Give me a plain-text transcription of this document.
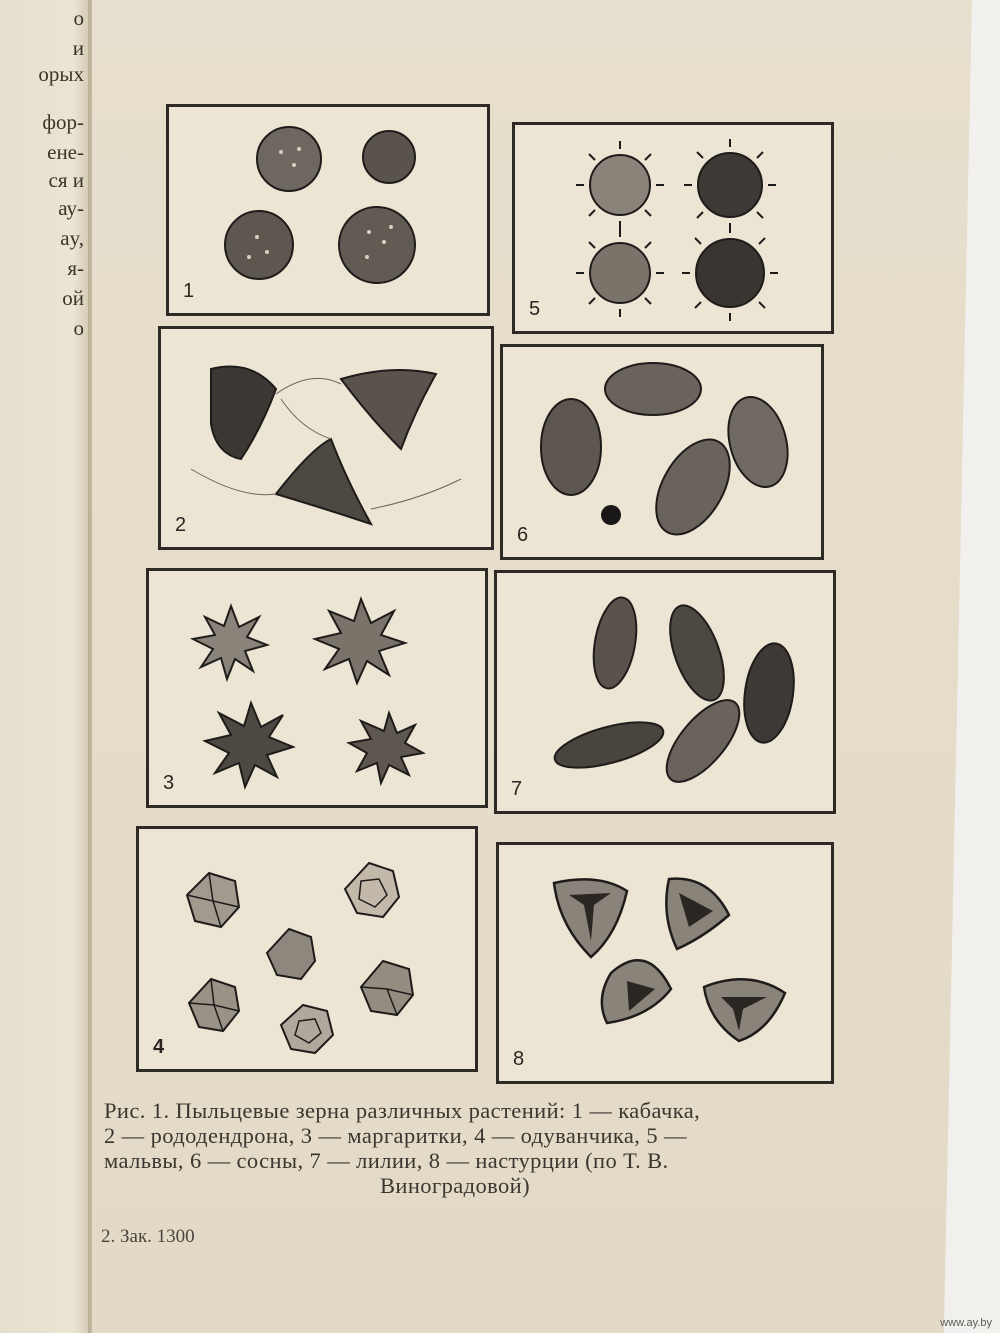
о
и
орых
фор-
ене-
ся и
ау-
ay,
я-
ой
о
1
5
2	6
3	7
4
8
Рис. 1. Пыльцевые зерна различных растений: 1 — кабачка,
2 — рододендрона, 3 — маргаритки, 4 — одуванчика, 5 —
мальвы, 6 — сосны, 7 — лилии, 8 — настурции (по Т. В.
Виноградовой)
2. Зак. 1300
www.ay.by
